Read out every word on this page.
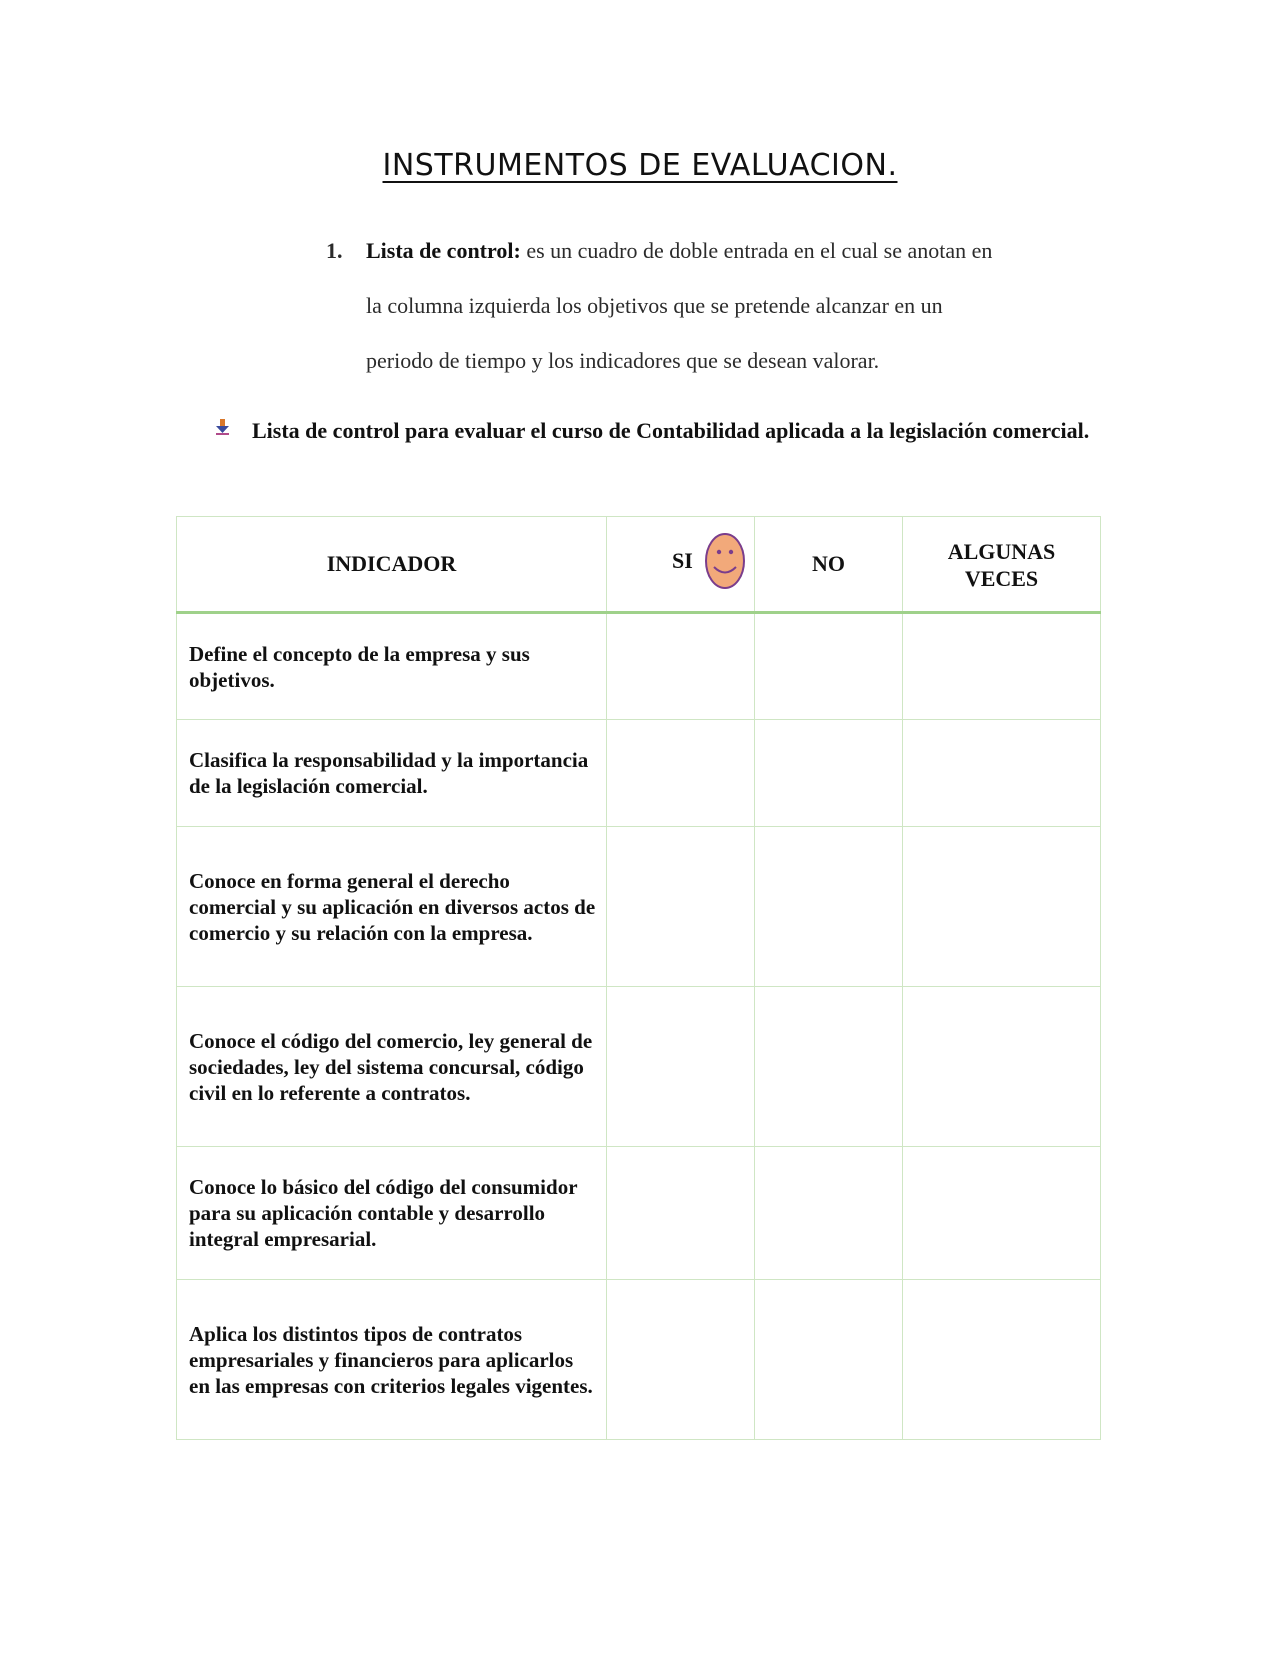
INSTRUMENTOS DE EVALUACION.
1. Lista de control: es un cuadro de doble entrada en el cual se anotan en
la columna izquierda los objetivos que se pretende alcanzar en un
periodo de tiempo y los indicadores que se desean valorar.
Lista de control para evaluar el curso de Contabilidad aplicada a la legislación comercial.
INDICADOR	SI	NO	ALGUNAS
VECES
Define el concepto de la empresa y sus objetivos.			
Clasifica la responsabilidad y la importancia de la legislación comercial.			
Conoce en forma general el derecho comercial y su aplicación en diversos actos de comercio y su relación con la empresa.			
Conoce el código del comercio, ley general de sociedades, ley del sistema concursal, código civil en lo referente a contratos.			
Conoce lo básico del código del consumidor para su aplicación contable y desarrollo integral empresarial.			
Aplica los distintos tipos de contratos empresariales y financieros para aplicarlos en las empresas con criterios legales vigentes.			
